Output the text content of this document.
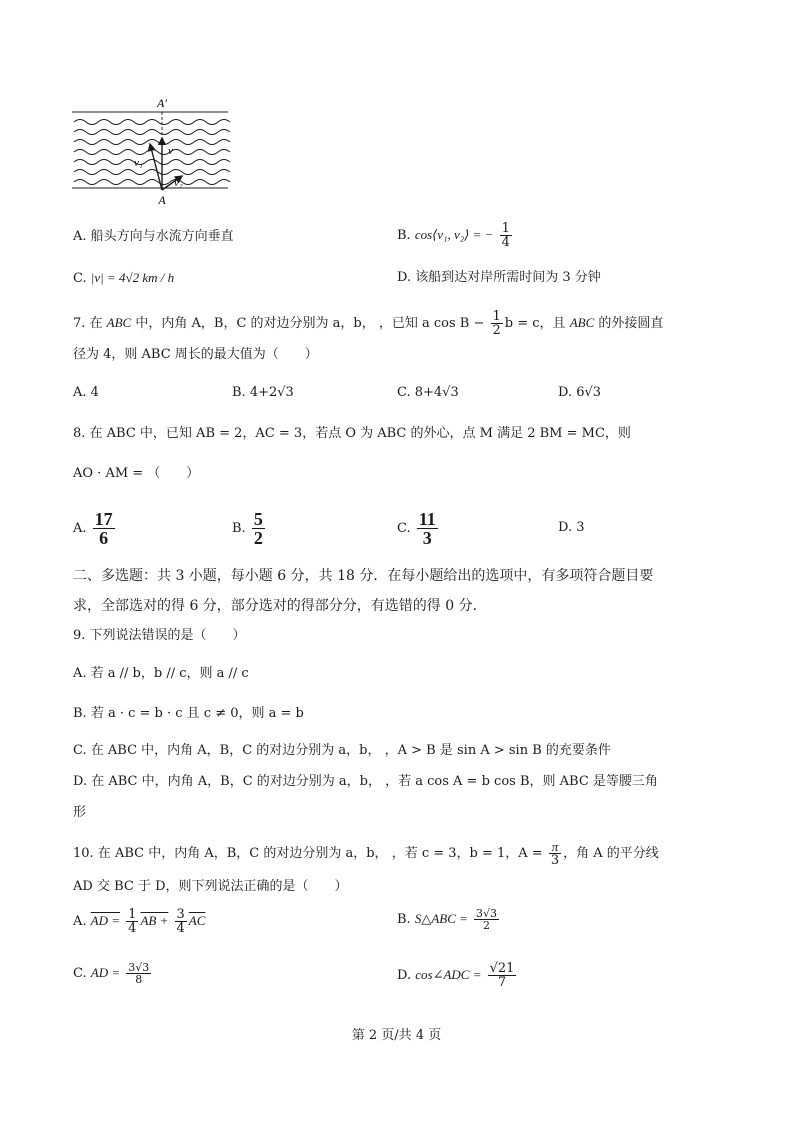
A′
A
v
v₁
v₂
A. 船头方向与水流方向垂直	B. cos⟨v₁, v₂⟩ = − $\frac{1}{4}$
C. |v| = 4√2 km / h	D. 该船到达对岸所需时间为 3 分钟
7. 在 ABC 中，内角 A，B，C 的对边分别为 a，b， ，已知 a $\cos B - \frac{1}{2}$ b = c，且 ABC 的外接圆直
径为 4，则 ABC 周长的最大值为（　　）
A. 4	B. 4+2√3	C. 8+4√3	D. 6√3
8. 在 ABC 中，已知 AB = 2，AC = 3，若点 O 为 ABC 的外心，点 M 满足 2 BM = MC，则
AO · AM = （　　）
A. $\frac{17}{6}$	B. $\frac{5}{2}$	C. $\frac{11}{3}$	D. 3
二、多选题：共 3 小题，每小题 6 分，共 18 分．在每小题给出的选项中，有多项符合题目要
求，全部选对的得 6 分，部分选对的得部分分，有选错的得 0 分．
9. 下列说法错误的是（　　）
A. 若 a // b，b // c，则 a // c
B. 若 a · c = b · c 且 c ≠ 0，则 a = b
C. 在 ABC 中，内角 A，B，C 的对边分别为 a，b， ，A > B 是 sin A > sin B 的充要条件
D. 在 ABC 中，内角 A，B，C 的对边分别为 a，b， ，若 a cos A = b cos B，则 ABC 是等腰三角
形
10. 在 ABC 中，内角 A，B，C 的对边分别为 a，b， ，若 c = 3，b = 1，$A = \frac{\pi}{3}$ ，角 A 的平分线
AD 交 BC 于 D，则下列说法正确的是（　　）
A. AD = $\frac{1}{4}$ AB + $\frac{3}{4} \overline{AC}$	B. S△ABC = $\frac{3√3}{2}$
C. AD = $\frac{3√3}{8}$	D. cos∠ADC = $\frac{√21}{7}$
第 2 页/共 4 页
